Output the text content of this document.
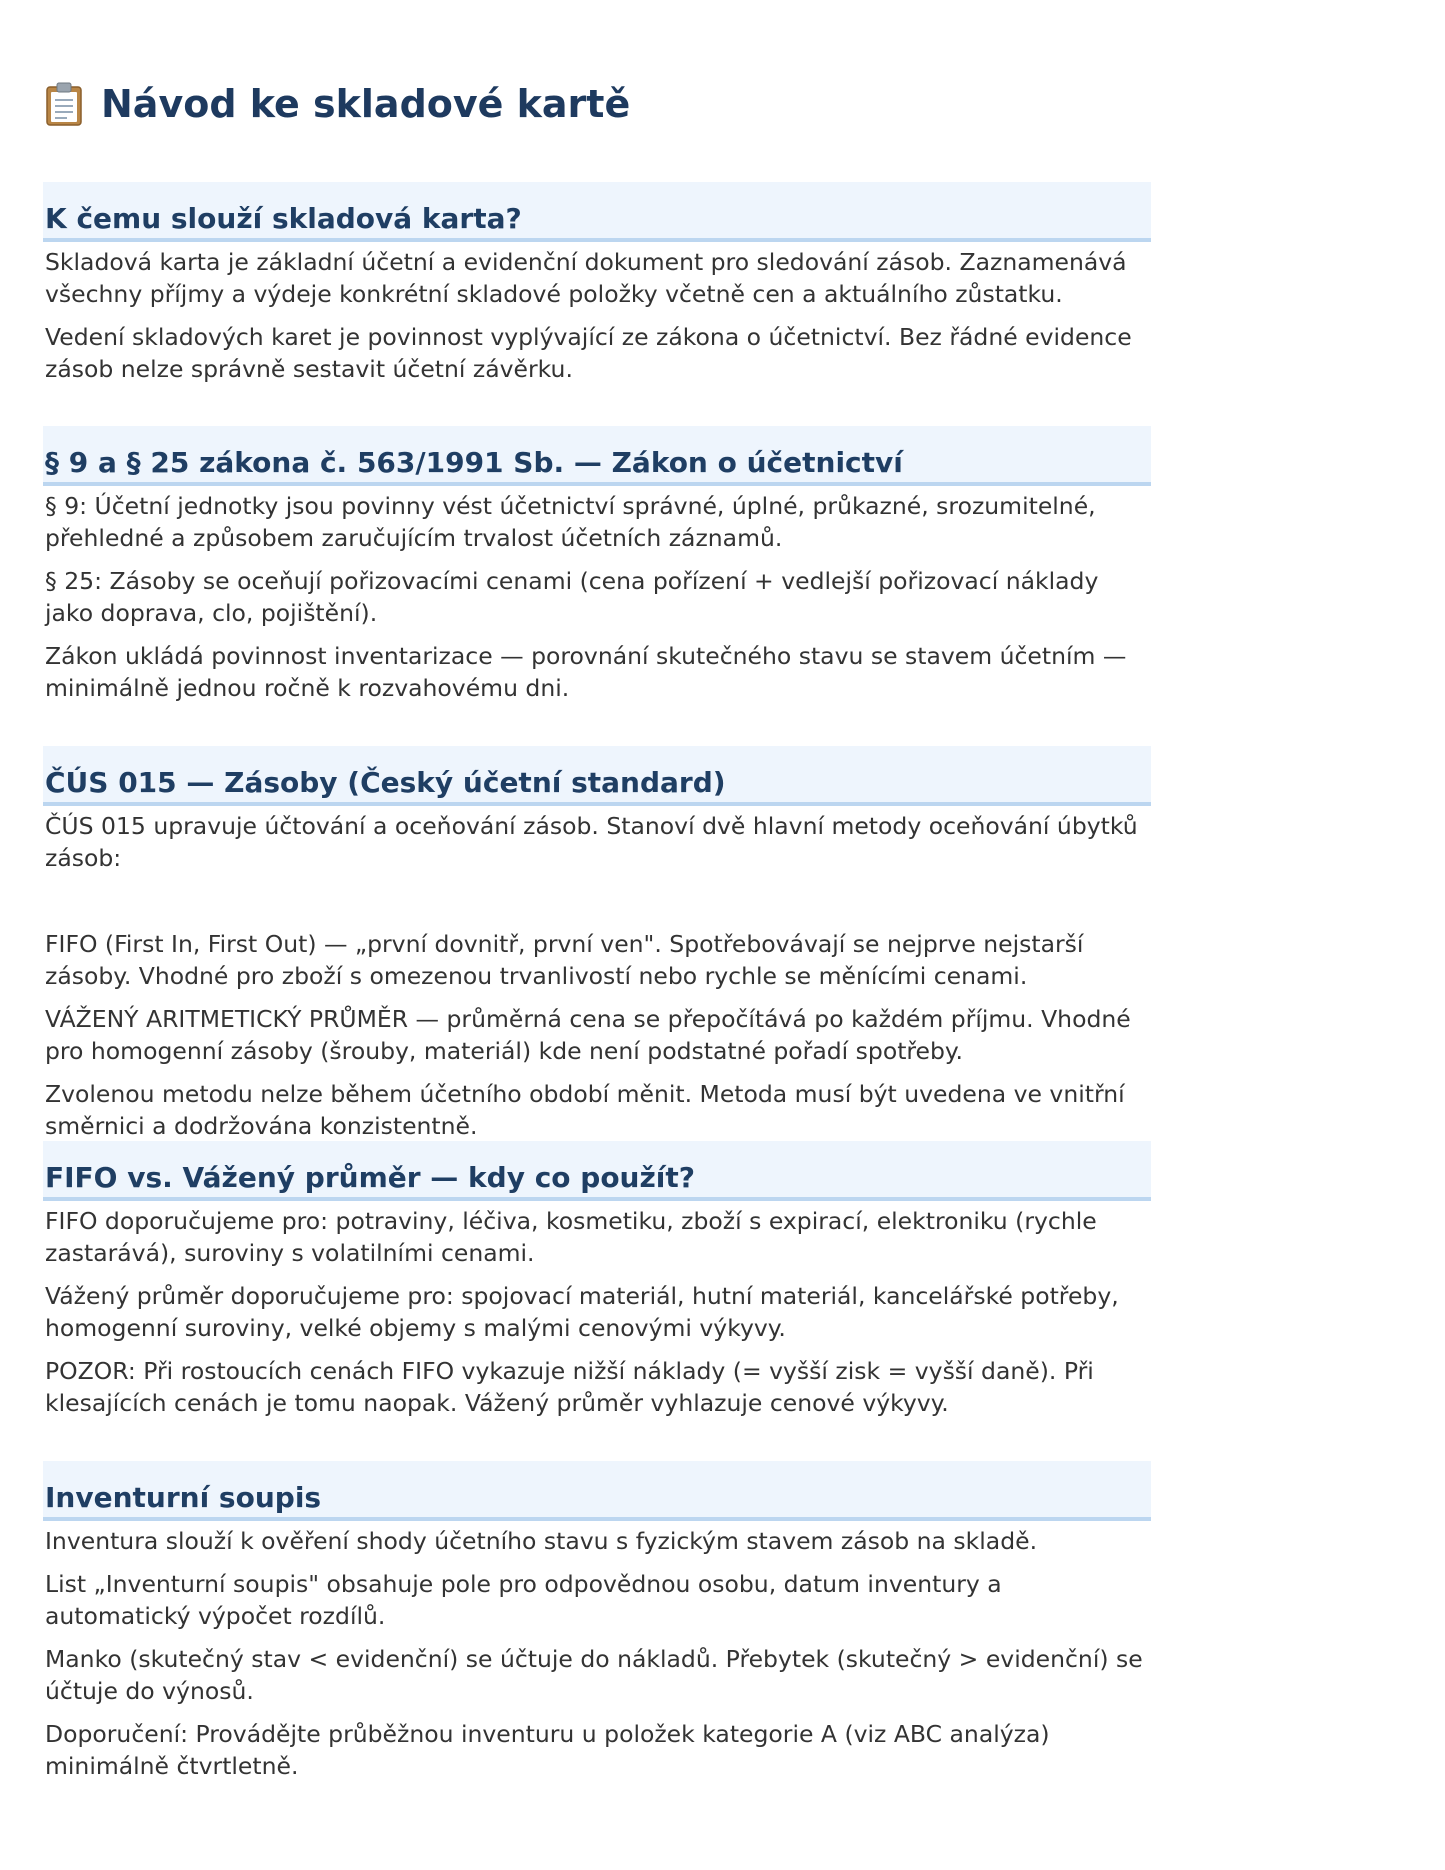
Návod ke skladové kartě
K čemu slouží skladová karta?

Skladová karta je základní účetní a evidenční dokument pro sledování zásob. Zaznamenává všechny příjmy a výdeje konkrétní skladové položky včetně cen a aktuálního zůstatku.

Vedení skladových karet je povinnost vyplývající ze zákona o účetnictví. Bez řádné evidence zásob nelze správně sestavit účetní závěrku.

§ 9 a § 25 zákona č. 563/1991 Sb. — Zákon o účetnictví

§ 9: Účetní jednotky jsou povinny vést účetnictví správné, úplné, průkazné, srozumitelné, přehledné a způsobem zaručujícím trvalost účetních záznamů.

§ 25: Zásoby se oceňují pořizovacími cenami (cena pořízení + vedlejší pořizovací náklady jako doprava, clo, pojištění).

Zákon ukládá povinnost inventarizace — porovnání skutečného stavu se stavem účetním — minimálně jednou ročně k rozvahovému dni.

ČÚS 015 — Zásoby (Český účetní standard)

ČÚS 015 upravuje účtování a oceňování zásob. Stanoví dvě hlavní metody oceňování úbytků zásob:

FIFO (First In, First Out) — „první dovnitř, první ven". Spotřebovávají se nejprve nejstarší zásoby. Vhodné pro zboží s omezenou trvanlivostí nebo rychle se měnícími cenami.

VÁŽENÝ ARITMETICKÝ PRŮMĚR — průměrná cena se přepočítává po každém příjmu. Vhodné pro homogenní zásoby (šrouby, materiál) kde není podstatné pořadí spotřeby.

Zvolenou metodu nelze během účetního období měnit. Metoda musí být uvedena ve vnitřní směrnici a dodržována konzistentně.

FIFO vs. Vážený průměr — kdy co použít?

FIFO doporučujeme pro: potraviny, léčiva, kosmetiku, zboží s expirací, elektroniku (rychle zastarává), suroviny s volatilními cenami.

Vážený průměr doporučujeme pro: spojovací materiál, hutní materiál, kancelářské potřeby, homogenní suroviny, velké objemy s malými cenovými výkyvy.

POZOR: Při rostoucích cenách FIFO vykazuje nižší náklady (= vyšší zisk = vyšší daně). Při klesajících cenách je tomu naopak. Vážený průměr vyhlazuje cenové výkyvy.

Inventurní soupis

Inventura slouží k ověření shody účetního stavu s fyzickým stavem zásob na skladě.

List „Inventurní soupis" obsahuje pole pro odpovědnou osobu, datum inventury a automatický výpočet rozdílů.

Manko (skutečný stav < evidenční) se účtuje do nákladů. Přebytek (skutečný > evidenční) se účtuje do výnosů.

Doporučení: Provádějte průběžnou inventuru u položek kategorie A (viz ABC analýza) minimálně čtvrtletně.
